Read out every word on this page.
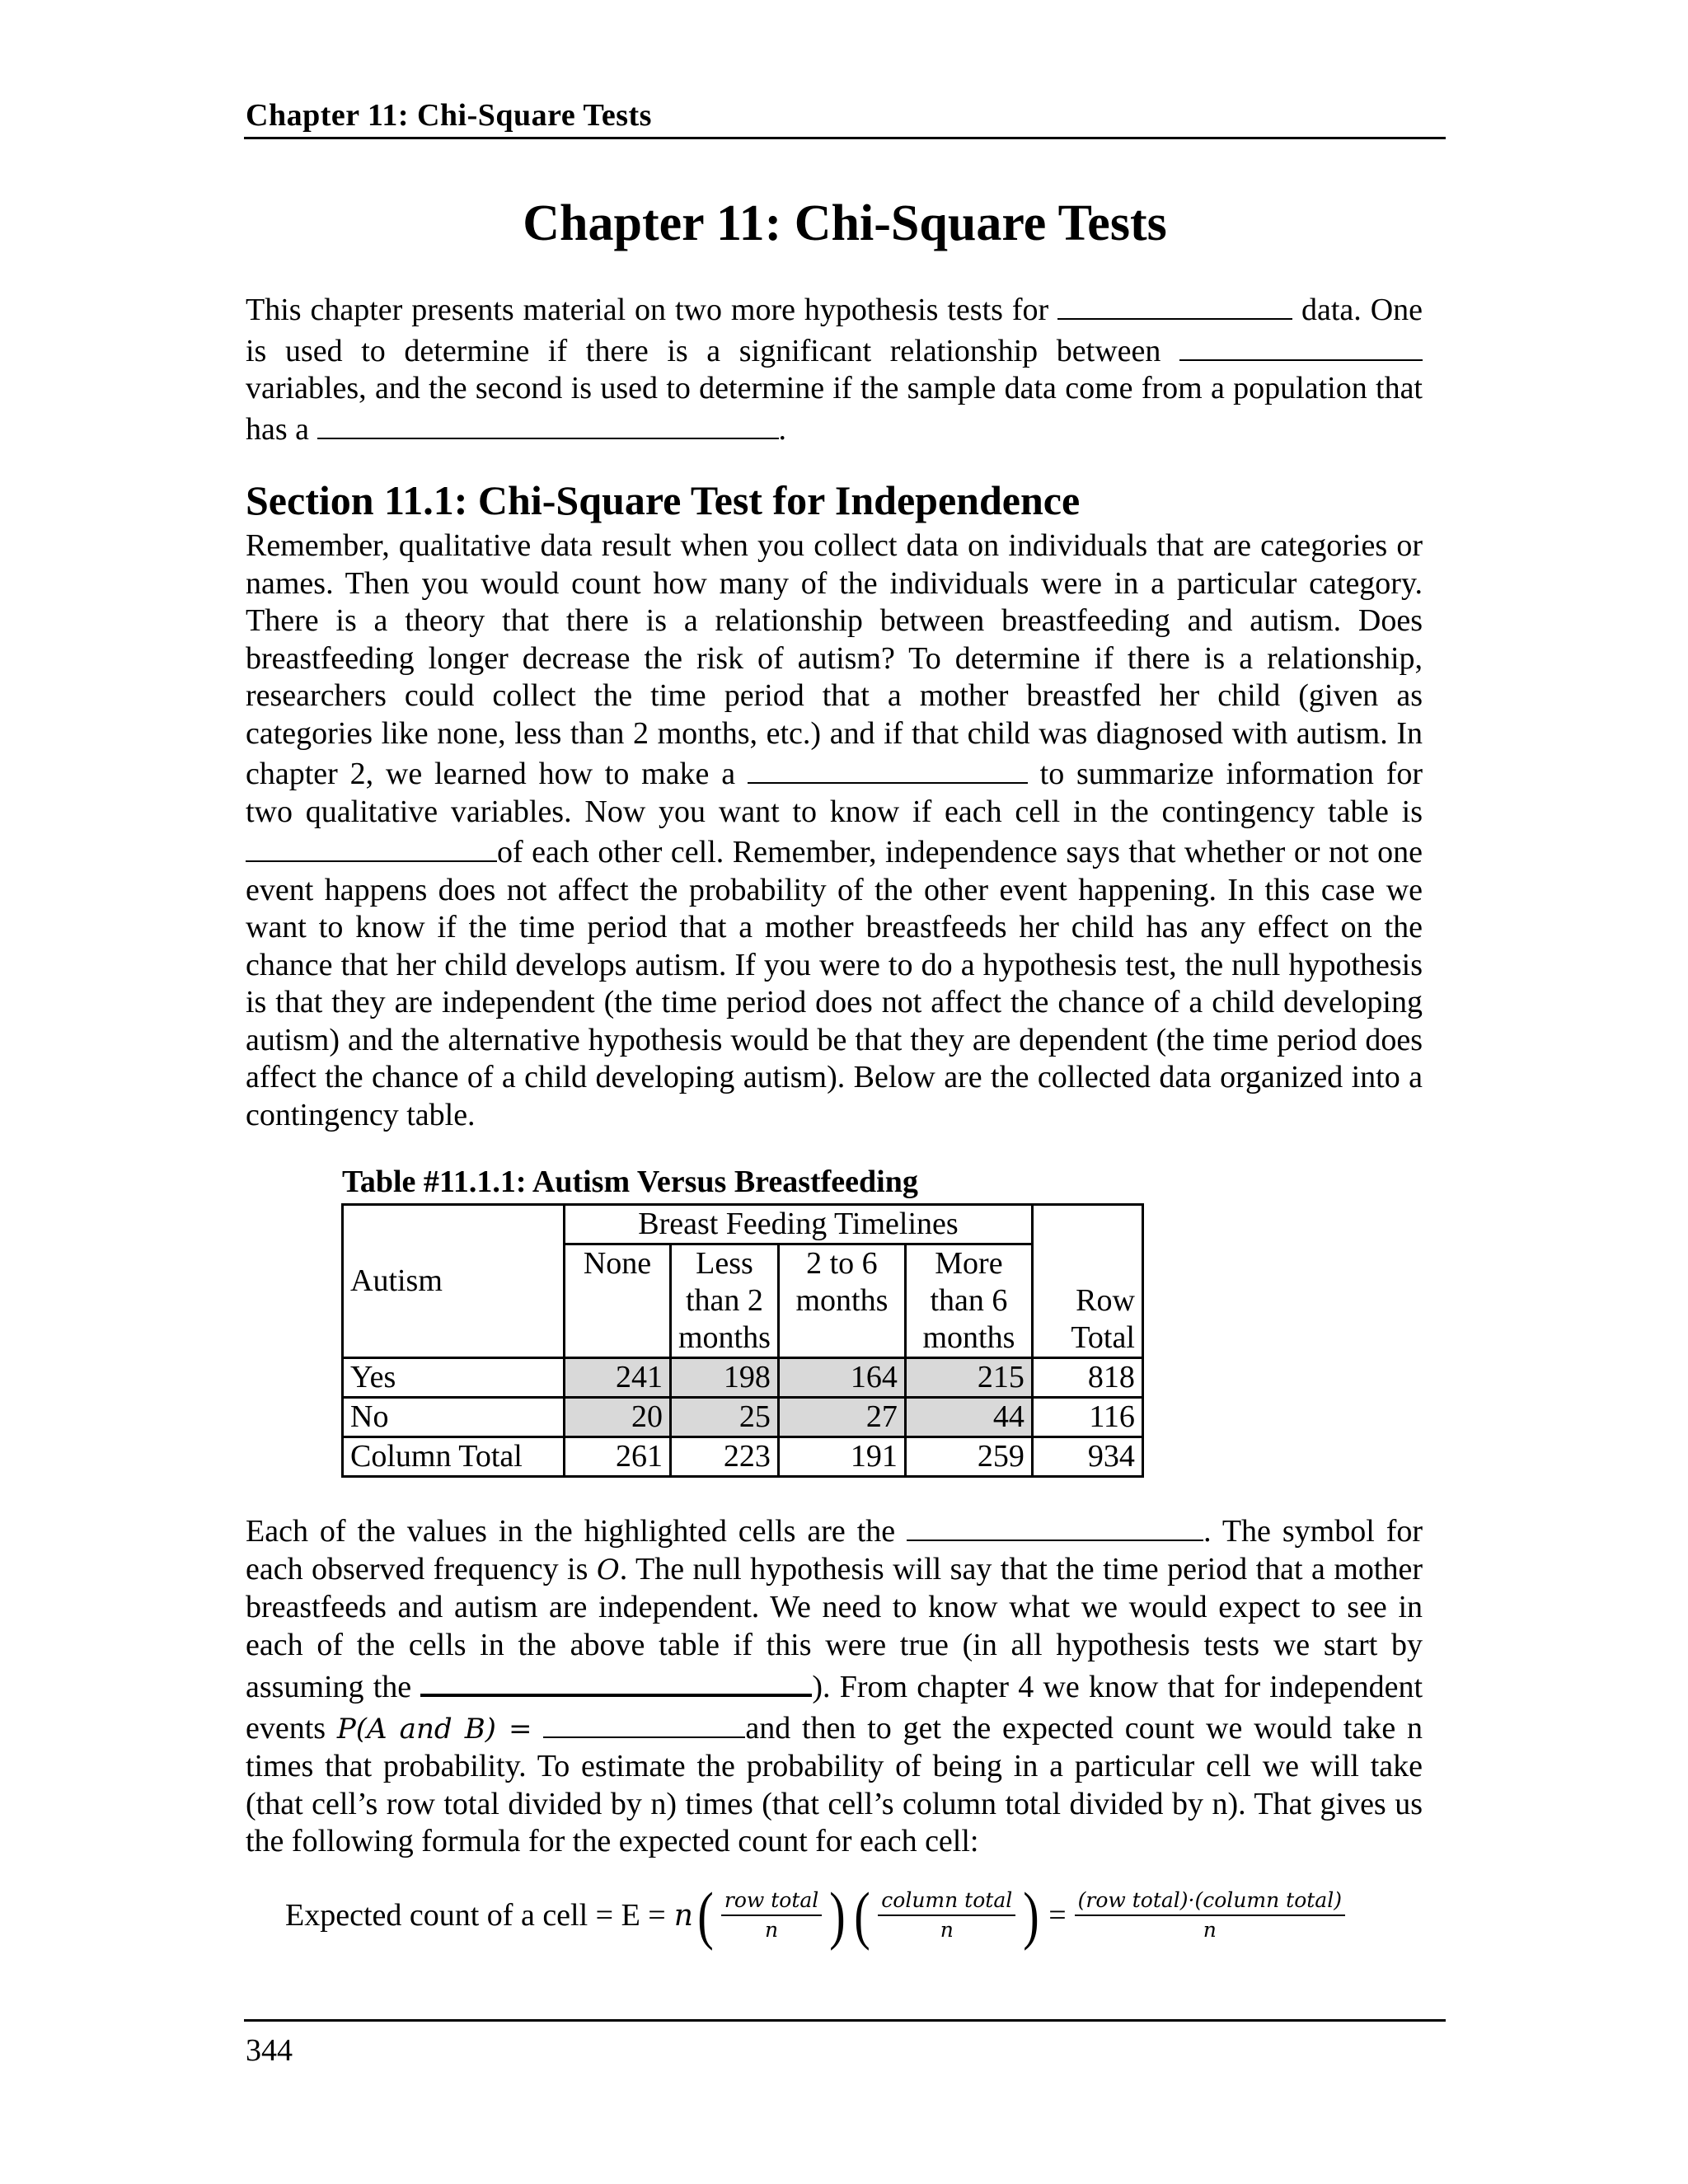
Chapter 11: Chi-Square Tests
Chapter 11: Chi-Square Tests
This chapter presents material on two more hypothesis tests for	data. One is used to determine if there is a significant relationship between  variables, and the second is used to determine if the sample data come from a population that has a	.
Section 11.1: Chi-Square Test for Independence
Remember, qualitative data result when you collect data on individuals that are categories or names. Then you would count how many of the individuals were in a particular category. There is a theory that there is a relationship between breastfeeding and autism. Does breastfeeding longer decrease the risk of autism? To determine if there is a relationship, researchers could collect the time period that a mother breastfed her child (given as categories like none, less than 2 months, etc.) and if that child was diagnosed with autism. In chapter 2, we learned how to make a	to summarize information for two qualitative variables. Now you want to know if each cell in the contingency table is of each other cell. Remember, independence says that whether or not one event happens does not affect the probability of the other event happening. In this case we want to know if the time period that a mother breastfeeds her child has any effect on the chance that her child develops autism. If you were to do a hypothesis test, the null hypothesis is that they are independent (the time period does not affect the chance of a child developing autism) and the alternative hypothesis would be that they are dependent (the time period does affect the chance of a child developing autism). Below are the collected data organized into a contingency table.
Table #11.1.1: Autism Versus Breastfeeding
Autism	Breast Feeding Timelines				Row Total
	None	Less than 2 months	2 to 6 months	More than 6 months	
Yes	241	198	164	215	818
No	20	25	27	44	116
Column Total	261	223	191	259	934
Each of the values in the highlighted cells are the	. The symbol for each observed frequency is O. The null hypothesis will say that the time period that a mother breastfeeds and autism are independent. We need to know what we would expect to see in each of the cells in the above table if this were true (in all hypothesis tests we start by assuming the	). From chapter 4 we know that for independent events P(A and B) =	and then to get the expected count we would take n times that probability. To estimate the probability of being in a particular cell we will take (that cell’s row total divided by n) times (that cell’s column total divided by n). That gives us the following formula for the expected count for each cell:
Expected count of a cell = E = n ( $\frac{\text{row total}}{n}$ ) ( $\frac{\text{column total}}{n}$ ) = $\frac{\text{(row total)·(column total)}}{n}$
344
